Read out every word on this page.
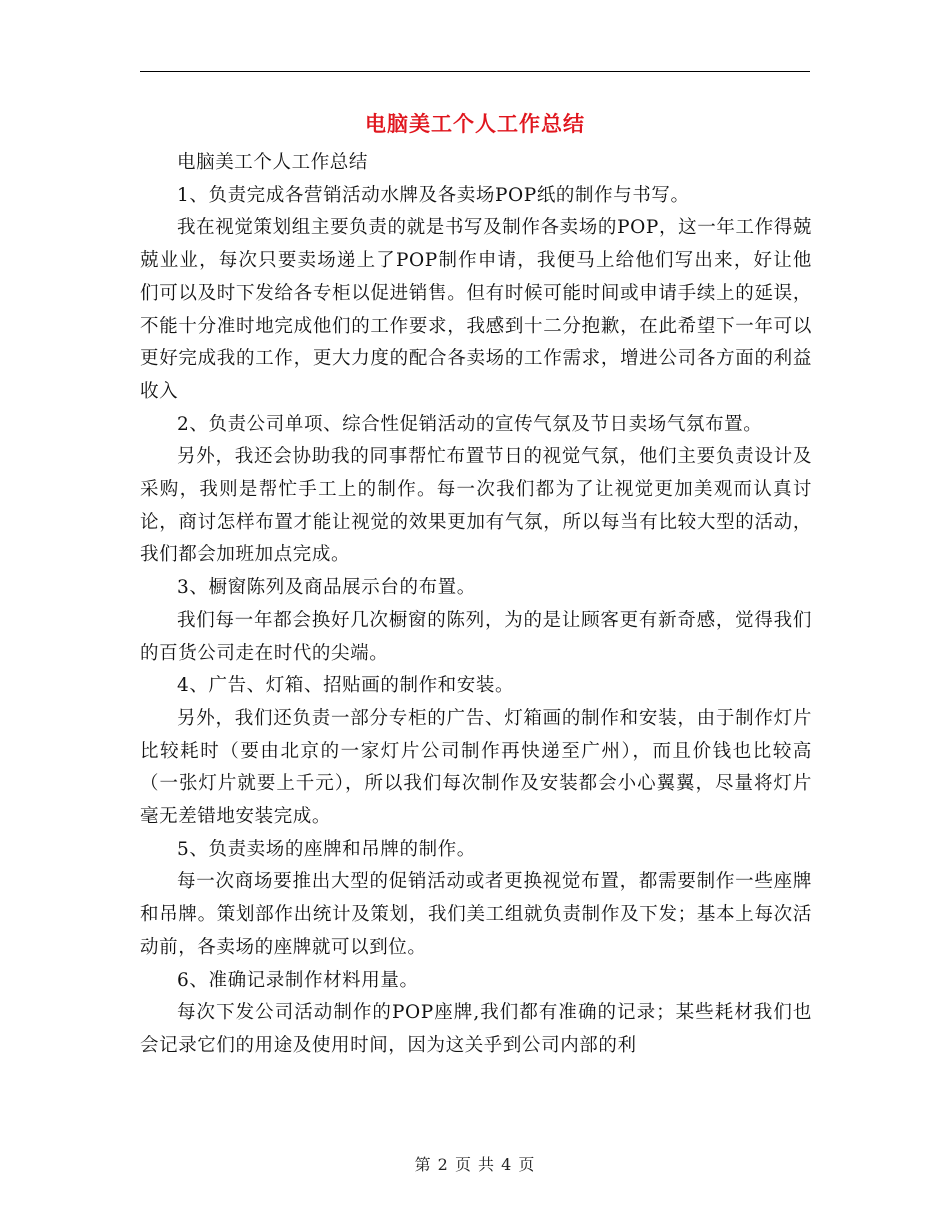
电脑美工个人工作总结

电脑美工个人工作总结

1、负责完成各营销活动水牌及各卖场POP纸的制作与书写。

我在视觉策划组主要负责的就是书写及制作各卖场的POP，这一年工作得兢兢业业，每次只要卖场递上了POP制作申请，我便马上给他们写出来，好让他们可以及时下发给各专柜以促进销售。但有时候可能时间或申请手续上的延误，不能十分准时地完成他们的工作要求，我感到十二分抱歉，在此希望下一年可以更好完成我的工作，更大力度的配合各卖场的工作需求，增进公司各方面的利益收入

2、负责公司单项、综合性促销活动的宣传气氛及节日卖场气氛布置。

另外，我还会协助我的同事帮忙布置节日的视觉气氛，他们主要负责设计及采购，我则是帮忙手工上的制作。每一次我们都为了让视觉更加美观而认真讨论，商讨怎样布置才能让视觉的效果更加有气氛，所以每当有比较大型的活动，我们都会加班加点完成。

3、橱窗陈列及商品展示台的布置。

我们每一年都会换好几次橱窗的陈列，为的是让顾客更有新奇感，觉得我们的百货公司走在时代的尖端。

4、广告、灯箱、招贴画的制作和安装。

另外，我们还负责一部分专柜的广告、灯箱画的制作和安装，由于制作灯片比较耗时（要由北京的一家灯片公司制作再快递至广州），而且价钱也比较高（一张灯片就要上千元），所以我们每次制作及安装都会小心翼翼，尽量将灯片毫无差错地安装完成。

5、负责卖场的座牌和吊牌的制作。

每一次商场要推出大型的促销活动或者更换视觉布置，都需要制作一些座牌和吊牌。策划部作出统计及策划，我们美工组就负责制作及下发；基本上每次活动前，各卖场的座牌就可以到位。

6、准确记录制作材料用量。

每次下发公司活动制作的POP座牌,我们都有准确的记录；某些耗材我们也会记录它们的用途及使用时间，因为这关乎到公司内部的利

第 2 页 共 4 页
